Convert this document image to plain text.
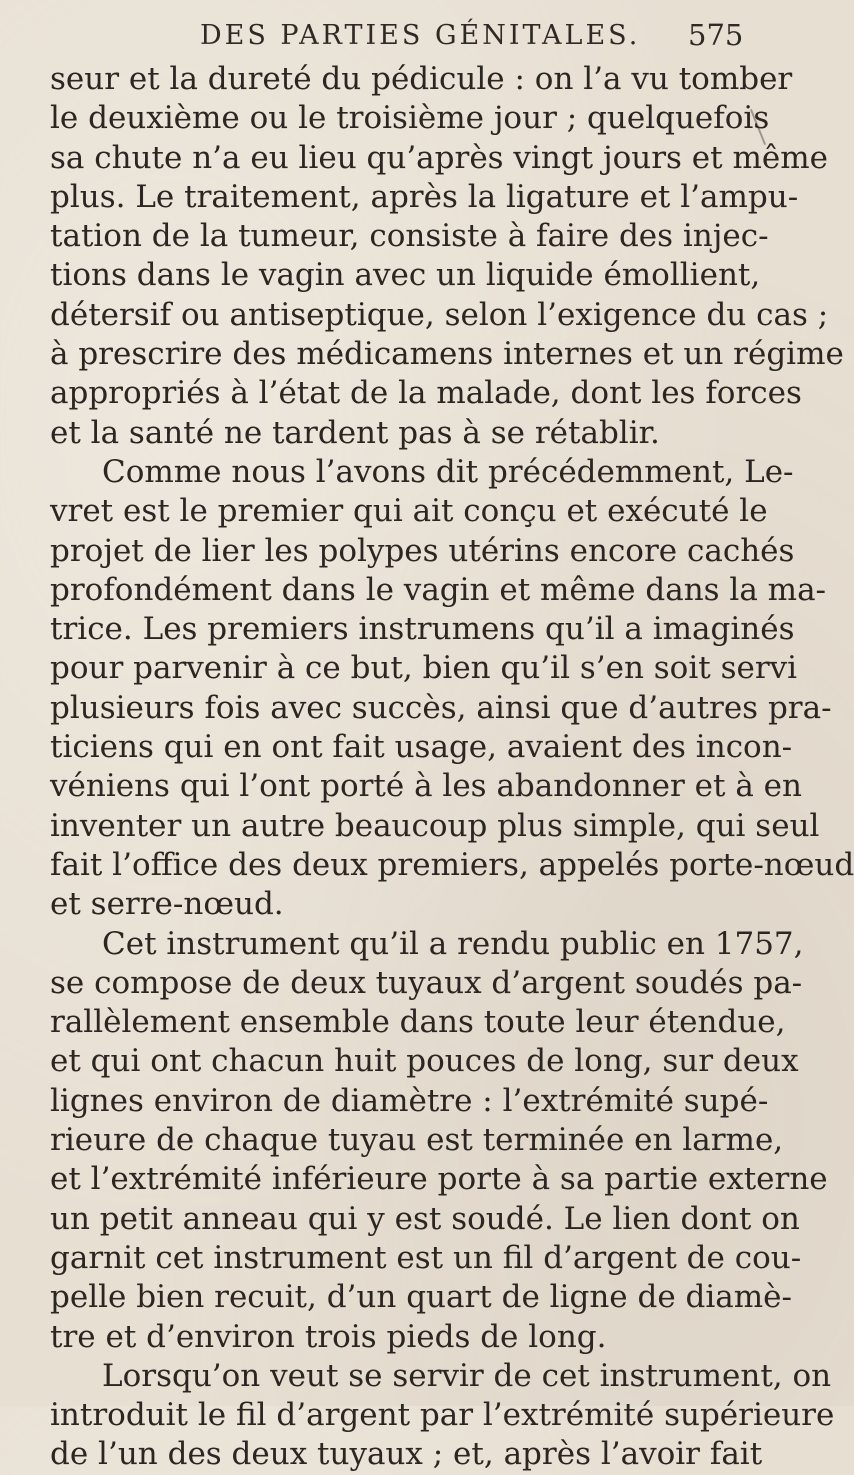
DES PARTIES GÉNITALES. 575
seur et la dureté du pédicule : on l’a vu tomber
le deuxième ou le troisième jour ; quelquefois
sa chute n’a eu lieu qu’après vingt jours et même
plus. Le traitement, après la ligature et l’ampu-
tation de la tumeur, consiste à faire des injec-
tions dans le vagin avec un liquide émollient,
détersif ou antiseptique, selon l’exigence du cas ;
à prescrire des médicamens internes et un régime
appropriés à l’état de la malade, dont les forces
et la santé ne tardent pas à se rétablir.
Comme nous l’avons dit précédemment, Le-
vret est le premier qui ait conçu et exécuté le
projet de lier les polypes utérins encore cachés
profondément dans le vagin et même dans la ma-
trice. Les premiers instrumens qu’il a imaginés
pour parvenir à ce but, bien qu’il s’en soit servi
plusieurs fois avec succès, ainsi que d’autres pra-
ticiens qui en ont fait usage, avaient des incon-
véniens qui l’ont porté à les abandonner et à en
inventer un autre beaucoup plus simple, qui seul
fait l’office des deux premiers, appelés porte-nœud
et serre-nœud.
Cet instrument qu’il a rendu public en 1757,
se compose de deux tuyaux d’argent soudés pa-
rallèlement ensemble dans toute leur étendue,
et qui ont chacun huit pouces de long, sur deux
lignes environ de diamètre : l’extrémité supé-
rieure de chaque tuyau est terminée en larme,
et l’extrémité inférieure porte à sa partie externe
un petit anneau qui y est soudé. Le lien dont on
garnit cet instrument est un fil d’argent de cou-
pelle bien recuit, d’un quart de ligne de diamè-
tre et d’environ trois pieds de long.
Lorsqu’on veut se servir de cet instrument, on
introduit le fil d’argent par l’extrémité supérieure
de l’un des deux tuyaux ; et, après l’avoir fait
